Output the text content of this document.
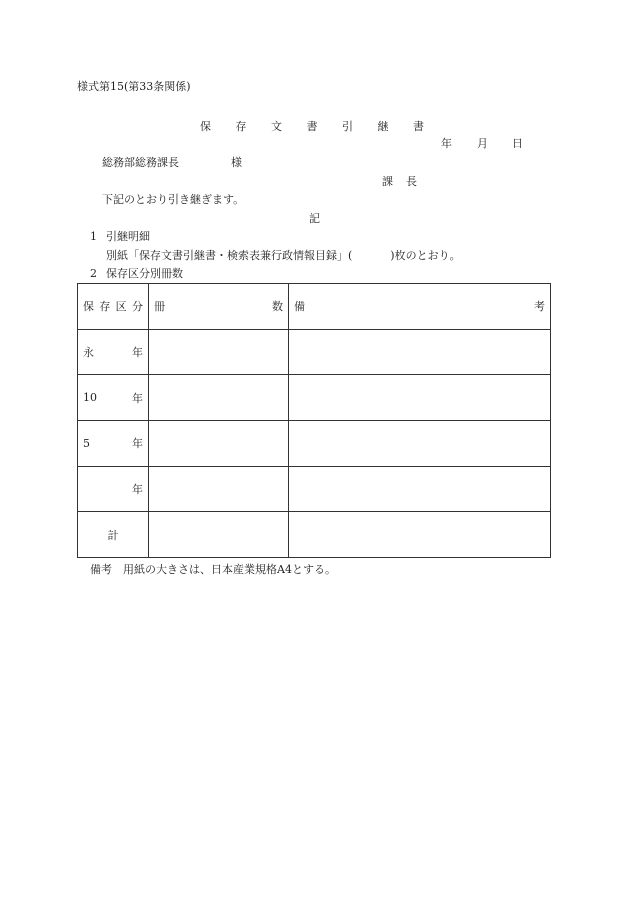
様式第15(第33条関係)
保 存 文 書 引 継 書
年 月 日
総務部総務課長	様
課 長
下記のとおり引き継ぎます。
記
1 引継明細
別紙「保存文書引継書・検索表兼行政情報目録」(	)枚のとおり。
2 保存区分別冊数
保 存 区 分	冊 数	備 考

永 年		

10 年		

5 年		

年		

計		
備考　用紙の大きさは、日本産業規格A4とする。
